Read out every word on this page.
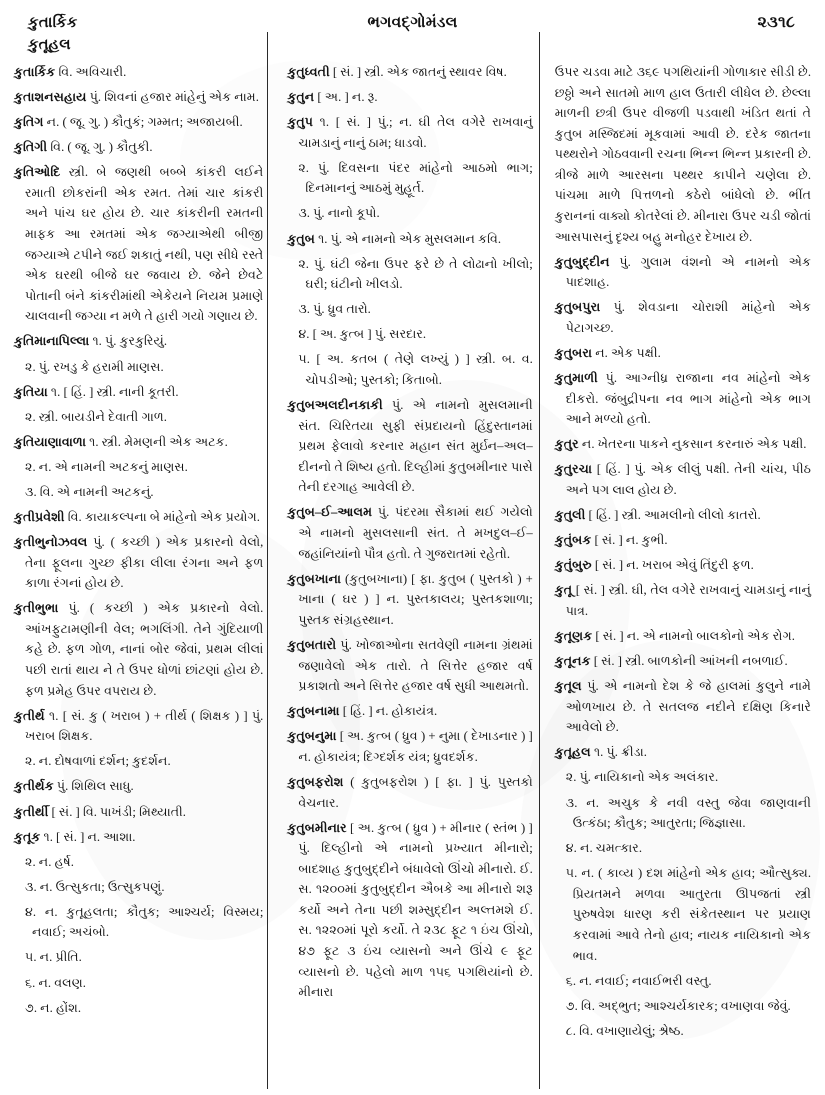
કુતાર્કિક	ભગવદ્ગોમંડલ	૨૩૧૮
કુતૂહલ

કુતાર્કિક વિ. અવિચારી.

કુતાશનસહાય પું. શિવનાં હજાર માંહેનું એક નામ.

કુતિગ ન. ( જૂ. ગુ. ) કૌતુકં; ગમ્મત; અજાયબી.

કુતિગી વિ. ( જૂ. ગુ. ) કૌતુકી.

કુતિઓદિ સ્ત્રી. બે જણથી બબ્બે કાંકરી લઈને રમાતી છોકરાંની એક રમત. તેમાં ચાર કાંકરી અને પાંચ ઘર હોય છે. ચાર કાંકરીની રમતની માફક આ રમતમાં એક જગ્યાએથી બીજી જગ્યાએ ટપીને જઈ શકાતું નથી, પણ સીધે રસ્તે એક ઘરથી બીજે ઘર જવાય છે. જેને છેવટે પોતાની બંને કાંકરીમાંથી એકેયને નિયમ પ્રમાણે ચાલવાની જગ્યા ન મળે તે હારી ગયો ગણાય છે.

કુતિમાનાપિલ્લા ૧. પું. કુરકુરિયું.

૨. પું. રખડુ કે હરામી માણસ.

કુતિયા ૧. [ હિં. ] સ્ત્રી. નાની કૂતરી.

૨. સ્ત્રી. બાયડીને દેવાતી ગાળ.

કુતિયાણાવાળા ૧. સ્ત્રી. મેમણની એક અટક.

૨. ન. એ નામની અટકનું માણસ.

૩. વિ. એ નામની અટકનું.

કુતીપ્રવેશી વિ. કાયાકલ્પના બે માંહેનો એક પ્રયોગ.

કુતીભુનોઝવલ પું. ( કચ્છી ) એક પ્રકારનો વેલો, તેના ફૂલના ગુચ્છ ફીકા લીલા રંગના અને ફળ કાળા રંગનાં હોય છે.

કુતીભુભા પું. ( કચ્છી ) એક પ્રકારનો વેલો. આંખફુટામણીની વેલ; ભગલિંગી. તેને ગુંદિયાળી કહે છે. ફળ ગોળ, નાનાં બોર જેવાં, પ્રથમ લીલાં પછી રાતાં થાય ને તે ઉપર ધોળાં છાંટણાં હોય છે. ફળ પ્રમેહ ઉપર વપરાય છે.

કુતીર્થ ૧. [ સં. કુ ( ખરાબ ) + તીર્થ ( શિક્ષક ) ] પું. ખરાબ શિક્ષક.

૨. ન. દોષવાળાં દર્શન; કુદર્શન.

કુતીર્થક પું. શિથિલ સાધુ.

કુતીર્થી [ સં. ] વિ. પાખંડી; મિથ્યાતી.

કુતૂક ૧. [ સં. ] ન. આશા.

૨. ન. હર્ષ.

૩. ન. ઉત્સુકતા; ઉત્સુકપણું.

૪. ન. કુતૂહલતા; કૌતુક; આશ્ચર્ય; વિસ્મય; નવાઈ; અચંબો.

૫. ન. પ્રીતિ.

૬. ન. વલણ.

૭. ન. હોંશ.

કુતુધ્વતી [ સં. ] સ્ત્રી. એક જાતનું સ્થાવર વિષ.

કુતુન [ અ. ] ન. રૂ.

કુતુપ ૧. [ સં. ] પું.; ન. ઘી તેલ વગેરે રાખવાનું ચામડાનું નાનું ઠામ; ધાડવો.

૨. પું. દિવસના પંદર માંહેનો આઠમો ભાગ; દિનમાનનું આઠમું મુહૂર્ત.

૩. પું. નાનો કૂપો.

કુતુબ ૧. પું. એ નામનો એક મુસલમાન કવિ.

૨. પું. ઘંટી જેના ઉપર ફરે છે તે લોઢાનો ખીલો; ઘરી; ઘંટીનો ખીલડો.

૩. પું. ધ્રુવ તારો.

૪. [ અ. કુત્બ ] પું. સરદાર.

૫. [ અ. કતબ ( તેણે લખ્યું ) ] સ્ત્રી. બ. વ. ચોપડીઓ; પુસ્તકો; કિતાબો.

કુતુબઅલદીનકાકી પું. એ નામનો મુસલમાની સંત. ચિરિતયા સુફી સંપ્રદાયનો હિંદુસ્તાનમાં પ્રથમ ફેલાવો કરનાર મહાન સંત મુર્ઇન–અલ–દીનનો તે શિષ્ય હતો. દિલ્હીમાં કુતુબમીનાર પાસે તેની દરગાહ આવેલી છે.

કુતુબ–ઈ–આલમ પું. પંદરમા સૈકામાં થઈ ગયેલો એ નામનો મુસલસાની સંત. તે મખદુલ–ઈ–જહાંનિયાંનો પૌત્ર હતો. તે ગુજરાતમાં રહેતો.

કુતુબખાના (કુતુબખાના) [ ફા. કુતુબ ( પુસ્તકો ) + ખાના ( ઘર ) ] ન. પુસ્તકાલય; પુસ્તકશાળા; પુસ્તક સંગ્રહસ્થાન.

કુતુબતારો પું. ખોજાઓના સતવેણી નામના ગ્રંથમાં જણાવેલો એક તારો. તે સિત્તેર હજાર વર્ષ પ્રકાશતો અને સિત્તેર હજાર વર્ષ સુધી આથમતો.

કુતુબનામા [ હિં. ] ન. હોકાયંત્ર.

કુતુબનુમા [ અ. કુત્બ ( ધ્રુવ ) + નુમા ( દેખાડનાર ) ] ન. હોકાયંત્ર; દિગ્દર્શક યંત્ર; ધ્રુવદર્શક.

કુતુબફરોશ ( કુતુબફરોશ ) [ ફા. ] પું. પુસ્તકો વેચનાર.

કુતુબમીનાર [ અ. કુત્બ ( ધ્રુવ ) + મીનાર ( સ્તંભ ) ] પું. દિલ્હીનો એ નામનો પ્રખ્યાત મીનારો; બાદશાહ કુતુબુદ્દીને બંધાવેલો ઊંચો મીનારો. ઈ. સ. ૧૨૦૦માં કુતુબુદ્દીન ઐબકે આ મીનારો શરૂ કર્યો અને તેના પછી શમ્સુદ્દીન અલ્તમશે ઈ. સ. ૧૨૨૦માં પૂરો કર્યો. તે ૨૩૮ ફૂટ ૧ ઇંચ ઊંચો, ૪૭ ફૂટ ૩ ઇંચ વ્યાસનો અને ઊંચે ૯ ફૂટ વ્યાસનો છે. પહેલો માળ ૧૫૬ પગથિયાંનો છે. મીનારા

ઉપર ચડવા માટે ૩૬૯ પગથિયાંની ગોળાકાર સીડી છે. છઠ્ઠો અને સાતમો માળ હાલ ઉતારી લીધેલ છે. છેલ્લા માળની છત્રી ઉપર વીજળી પડવાથી ખંડિત થતાં તે કુતુબ મસ્જિદમાં મૂકવામાં આવી છે. દરેક જાતના પથ્થરોને ગોઠવવાની રચના ભિન્ન ભિન્ન પ્રકારની છે. ત્રીજે માળે આરસના પથ્થર કાપીને ચણેલા છે. પાંચમા માળે પિત્તળનો કઠેરો બાંધેલો છે. ભીંત કુરાનનાં વાક્યો કોતરેલાં છે. મીનારા ઉપર ચડી જોતાં આસપાસનું દૃશ્ય બહુ મનોહર દેખાય છે.

કુતુબુદ્દીન પું. ગુલામ વંશનો એ નામનો એક પાદશાહ.

કુતુબપુરા પું. શેવડાના ચોરાશી માંહેનો એક પેટાગચ્છ.

કુતુબરા ન. એક પક્ષી.

કુતુમાળી પું. આગ્નીધ્ર રાજાના નવ માંહેનો એક દીકરો. જંબુદ્રીપના નવ ભાગ માંહેનો એક ભાગ આને મળ્યો હતો.

કુતુર ન. ખેતરના પાકને નુકસાન કરનારું એક પક્ષી.

કુતુરચા [ હિં. ] પું. એક લીલું પક્ષી. તેની ચાંચ, પીઠ અને પગ લાલ હોય છે.

કુતુલી [ હિં. ] સ્ત્રી. આમલીનો લીલો કાતરો.

કુતુંબક [ સં. ] ન. કુભી.

કુતુંબુરુ [ સં. ] ન. ખરાબ એવું તિંદુરી ફળ.

કુતૂ [ સં. ] સ્ત્રી. ઘી, તેલ વગેરે રાખવાનું ચામડાનું નાનું પાત્ર.

કુતૂણક [ સં. ] ન. એ નામનો બાલકોનો એક રોગ.

કુતૂનક [ સં. ] સ્ત્રી. બાળકોની આંખની નબળાઈ.

કુતૂલ પું. એ નામનો દેશ કે જે હાલમાં કુલુને નામે ઓળખાય છે. તે સતલજ નદીને દક્ષિણ કિનારે આવેલો છે.

કુતૂહલ ૧. પું. ક્રીડા.

૨. પું. નાયિકાનો એક અલંકાર.

૩. ન. અચુક કે નવી વસ્તુ જેવા જાણવાની ઉત્કંઠા; કૌતુક; આતુરતા; જિજ્ઞાસા.

૪. ન. ચમત્કાર.

૫. ન. ( કાવ્ય ) દશ માંહેનો એક હાવ; ઔત્સુક્ય. પ્રિયતમને મળવા આતુરતા ઊપજતાં સ્ત્રી પુરુષવેશ ધારણ કરી સંકેતસ્થાન પર પ્રયાણ કરવામાં આવે તેનો હાવ; નાયક નાયિકાનો એક ભાવ.

૬. ન. નવાઈ; નવાઈભરી વસ્તુ.

૭. વિ. અદ્ભુત; આશ્ચર્યકારક; વખાણવા જેવું.

૮. વિ. વખાણાયેલું; શ્રેષ્ઠ.
